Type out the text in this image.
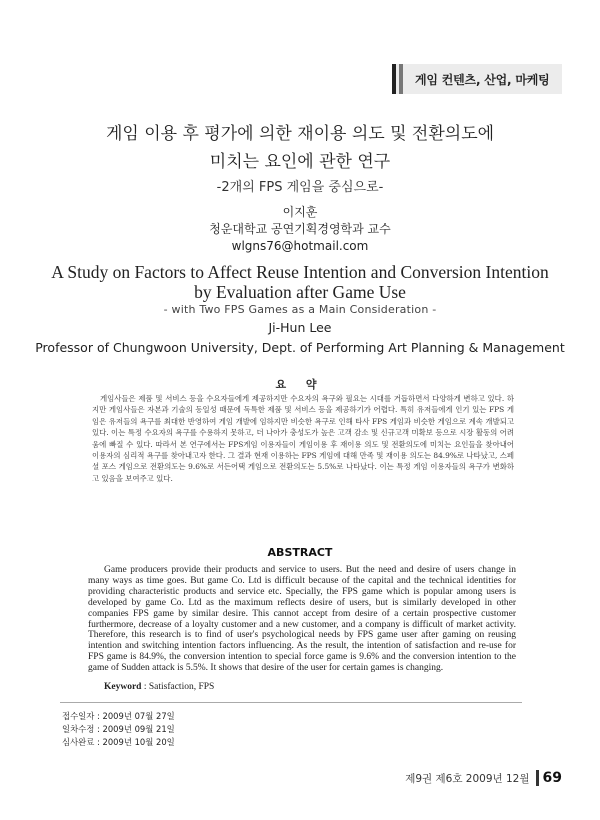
게임 컨텐츠, 산업, 마케팅
게임 이용 후 평가에 의한 재이용 의도 및 전환의도에
미치는 요인에 관한 연구
-2개의 FPS 게임을 중심으로-
이지훈
청운대학교 공연기획경영학과 교수
wlgns76@hotmail.com
A Study on Factors to Affect Reuse Intention and Conversion Intention
by Evaluation after Game Use
- with Two FPS Games as a Main Consideration -
Ji-Hun Lee
Professor of Chungwoon University, Dept. of Performing Art Planning & Management
요 약
게임사들은 제품 및 서비스 등을 수요자들에게 제공하지만 수요자의 욕구와 필요는 시대를 거듭하면서 다양하게 변하고 있다. 하지만 게임사들은 자본과 기술의 동일성 때문에 독특한 제품 및 서비스 등을 제공하기가 어렵다. 특히 유저들에게 인기 있는 FPS 게임은 유저들의 욕구를 최대한 반영하여 게임 개발에 임하지만 비슷한 욕구로 인해 타사 FPS 게임과 비슷한 게임으로 계속 개발되고 있다. 이는 특정 수요자의 욕구를 수용하지 못하고, 더 나아가 충성도가 높은 고객 감소 및 신규고객 미확보 등으로 시장 활동의 어려움에 빠질 수 있다. 따라서 본 연구에서는 FPS게임 이용자들이 게임이용 후 재이용 의도 및 전환의도에 미치는 요인들을 찾아내어 이용자의 심리적 욕구를 찾아내고자 한다. 그 결과 현재 이용하는 FPS 게임에 대해 만족 및 재이용 의도는 84.9%로 나타났고, 스페셜 포스 게임으로 전환의도는 9.6%로 서든어택 게임으로 전환의도는 5.5%로 나타났다. 이는 특정 게임 이용자들의 욕구가 변화하고 있음을 보여주고 있다.
ABSTRACT
Game producers provide their products and service to users. But the need and desire of users change in many ways as time goes. But game Co. Ltd is difficult because of the capital and the technical identities for providing characteristic products and service etc. Specially, the FPS game which is popular among users is developed by game Co. Ltd as the maximum reflects desire of users, but is similarly developed in other companies FPS game by similar desire. This cannot accept from desire of a certain prospective customer furthermore, decrease of a loyalty customer and a new customer, and a company is difficult of market activity. Therefore, this research is to find of user's psychological needs by FPS game user after gaming on reusing intention and switching intention factors influencing. As the result, the intention of satisfaction and re-use for FPS game is 84.9%, the conversion intention to special force game is 9.6% and the conversion intention to the game of Sudden attack is 5.5%. It shows that desire of the user for certain games is changing.
Keyword : Satisfaction, FPS
접수일자 : 2009년 07월 27일
일차수정 : 2009년 09월 21일
심사완료 : 2009년 10월 20일
제9권 제6호 2009년 12월 69
